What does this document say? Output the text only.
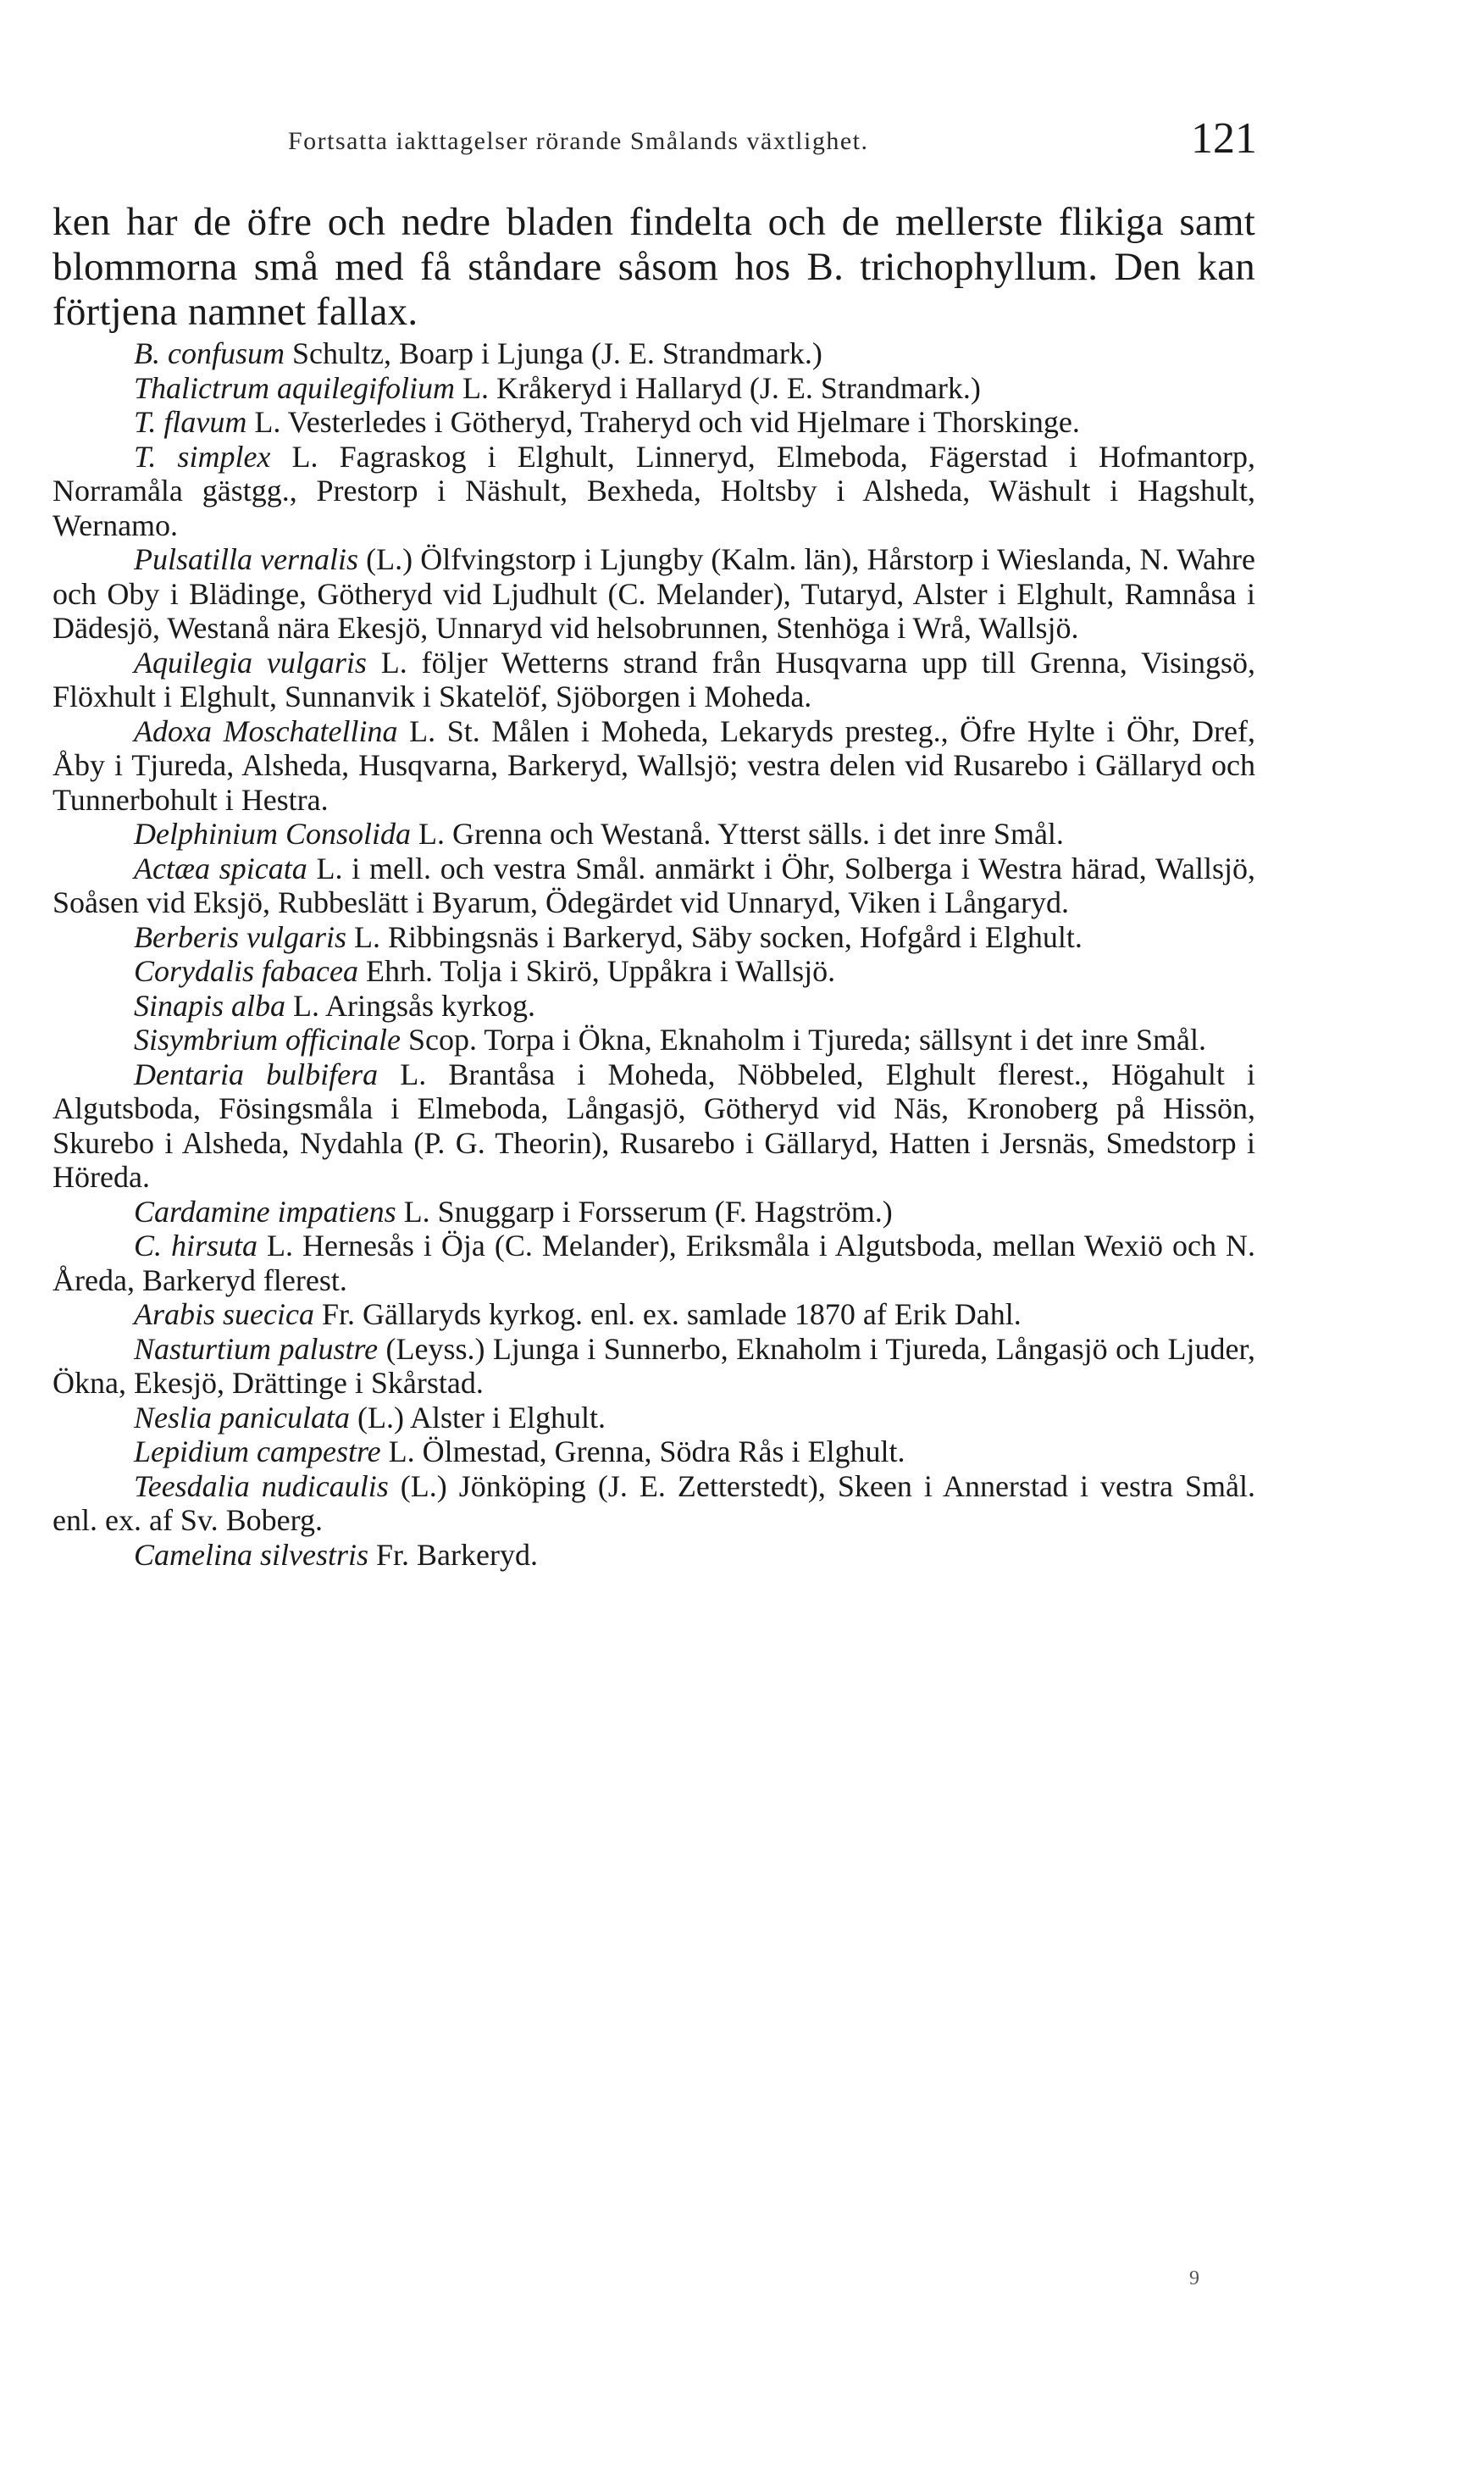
Fortsatta iakttagelser rörande Smålands växtlighet.	121

ken har de öfre och nedre bladen findelta och de mellerste flikiga samt blommorna små med få ståndare såsom hos B. trichophyllum. Den kan förtjena namnet fallax.

B. confusum Schultz, Boarp i Ljunga (J. E. Strandmark.)

Thalictrum aquilegifolium L. Kråkeryd i Hallaryd (J. E. Strandmark.)

T. flavum L. Vesterledes i Götheryd, Traheryd och vid Hjelmare i Thorskinge.

T. simplex L. Fagraskog i Elghult, Linneryd, Elmeboda, Fägerstad i Hofmantorp, Norramåla gästgg., Prestorp i Näshult, Bexheda, Holtsby i Alsheda, Wäshult i Hagshult, Wernamo.

Pulsatilla vernalis (L.) Ölfvingstorp i Ljungby (Kalm. län), Hårstorp i Wieslanda, N. Wahre och Oby i Blädinge, Götheryd vid Ljudhult (C. Melander), Tutaryd, Alster i Elghult, Ramnåsa i Dädesjö, Westanå nära Ekesjö, Unnaryd vid helsobrunnen, Stenhöga i Wrå, Wallsjö.

Aquilegia vulgaris L. följer Wetterns strand från Husqvarna upp till Grenna, Visingsö, Flöxhult i Elghult, Sunnanvik i Skatelöf, Sjöborgen i Moheda.

Adoxa Moschatellina L. St. Målen i Moheda, Lekaryds presteg., Öfre Hylte i Öhr, Dref, Åby i Tjureda, Alsheda, Husqvarna, Barkeryd, Wallsjö; vestra delen vid Rusarebo i Gällaryd och Tunnerbohult i Hestra.

Delphinium Consolida L. Grenna och Westanå. Ytterst sälls. i det inre Smål.

Actæa spicata L. i mell. och vestra Smål. anmärkt i Öhr, Solberga i Westra härad, Wallsjö, Soåsen vid Eksjö, Rubbeslätt i Byarum, Ödegärdet vid Unnaryd, Viken i Långaryd.

Berberis vulgaris L. Ribbingsnäs i Barkeryd, Säby socken, Hofgård i Elghult.

Corydalis fabacea Ehrh. Tolja i Skirö, Uppåkra i Wallsjö.

Sinapis alba L. Aringsås kyrkog.

Sisymbrium officinale Scop. Torpa i Ökna, Eknaholm i Tjureda; sällsynt i det inre Smål.

Dentaria bulbifera L. Brantåsa i Moheda, Nöbbeled, Elghult flerest., Högahult i Algutsboda, Fösingsmåla i Elmeboda, Långasjö, Götheryd vid Näs, Kronoberg på Hissön, Skurebo i Alsheda, Nydahla (P. G. Theorin), Rusarebo i Gällaryd, Hatten i Jersnäs, Smedstorp i Höreda.

Cardamine impatiens L. Snuggarp i Forsserum (F. Hagström.)

C. hirsuta L. Hernesås i Öja (C. Melander), Eriksmåla i Algutsboda, mellan Wexiö och N. Åreda, Barkeryd flerest.

Arabis suecica Fr. Gällaryds kyrkog. enl. ex. samlade 1870 af Erik Dahl.

Nasturtium palustre (Leyss.) Ljunga i Sunnerbo, Eknaholm i Tjureda, Långasjö och Ljuder, Ökna, Ekesjö, Drättinge i Skårstad.

Neslia paniculata (L.) Alster i Elghult.

Lepidium campestre L. Ölmestad, Grenna, Södra Rås i Elghult.

Teesdalia nudicaulis (L.) Jönköping (J. E. Zetterstedt), Skeen i Annerstad i vestra Smål. enl. ex. af Sv. Boberg.

Camelina silvestris Fr. Barkeryd.

9
